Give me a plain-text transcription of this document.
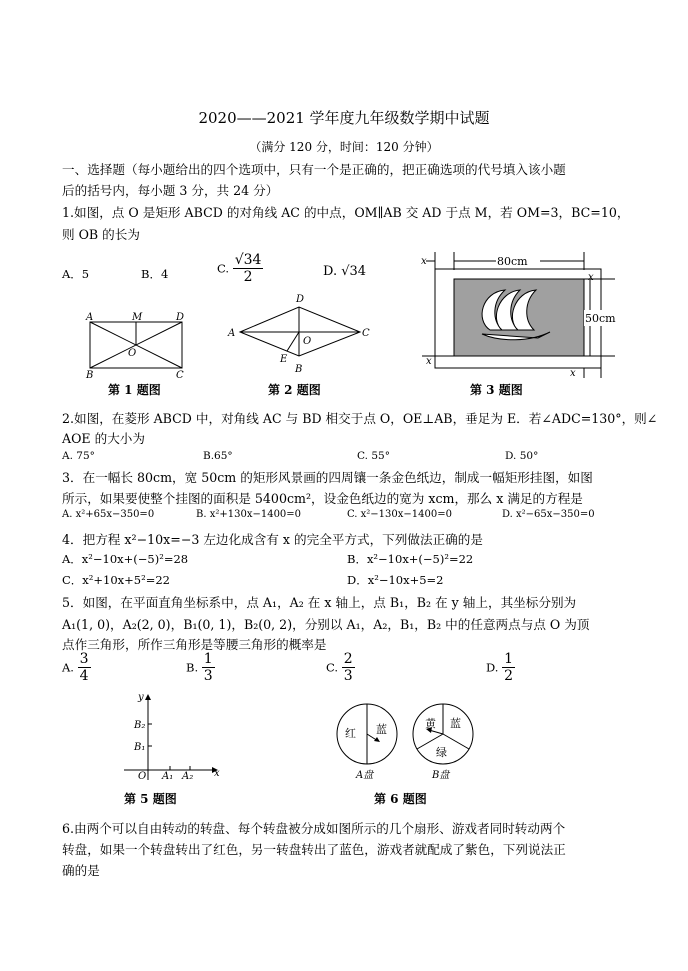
2020——2021 学年度九年级数学期中试题
（满分 120 分，时间：120 分钟）
一、选择题（每小题给出的四个选项中，只有一个是正确的，把正确选项的代号填入该小题
后的括号内，每小题 3 分，共 24 分）
1.如图，点 O 是矩形 ABCD 的对角线 AC 的中点，OM∥AB 交 AD 于点 M，若 OM=3，BC=10，
则 OB 的长为
A．5	B．4	C. $\frac{√34}{2}$	D. √34
A	M	D
O
B	C
第 1 题图
D
A
O
C
E
B
第 2 题图
80cm
x
50cm
x
x
x
第 3 题图
2.如图，在菱形 ABCD 中，对角线 AC 与 BD 相交于点 O，OE⊥AB，垂足为 E．若∠ADC=130°，则∠
AOE 的大小为
A. 75°	B.65°	C. 55°	D. 50°
3．在一幅长 80cm，宽 50cm 的矩形风景画的四周镶一条金色纸边，制成一幅矩形挂图，如图
所示，如果要使整个挂图的面积是 5400cm²，设金色纸边的宽为 xcm，那么 x 满足的方程是
A. x²+65x−350=0	B. x²+130x−1400=0	C. x²−130x−1400=0	D. x²−65x−350=0
4．把方程 x²−10x=−3 左边化成含有 x 的完全平方式，下列做法正确的是
A．x²−10x+(−5)²=28	B．x²−10x+(−5)²=22
C．x²+10x+5²=22	D．x²−10x+5=2
5．如图，在平面直角坐标系中，点 A₁，A₂ 在 x 轴上，点 B₁，B₂ 在 y 轴上，其坐标分别为
A₁(1, 0)，A₂(2, 0)，B₁(0, 1)，B₂(0, 2)，分别以 A₁，A₂，B₁，B₂ 中的任意两点与点 O 为顶
点作三角形，所作三角形是等腰三角形的概率是
A. $\frac{3}{4}$	B. $\frac{1}{3}$	C. $\frac{2}{3}$	D. $\frac{1}{2}$
y
x
O
B₂
B₁
A₁ A₂
第 5 题图
红 蓝
A盘
黄 蓝
绿
B盘
第 6 题图
6.由两个可以自由转动的转盘、每个转盘被分成如图所示的几个扇形、游戏者同时转动两个
转盘，如果一个转盘转出了红色，另一转盘转出了蓝色，游戏者就配成了紫色，下列说法正
确的是
